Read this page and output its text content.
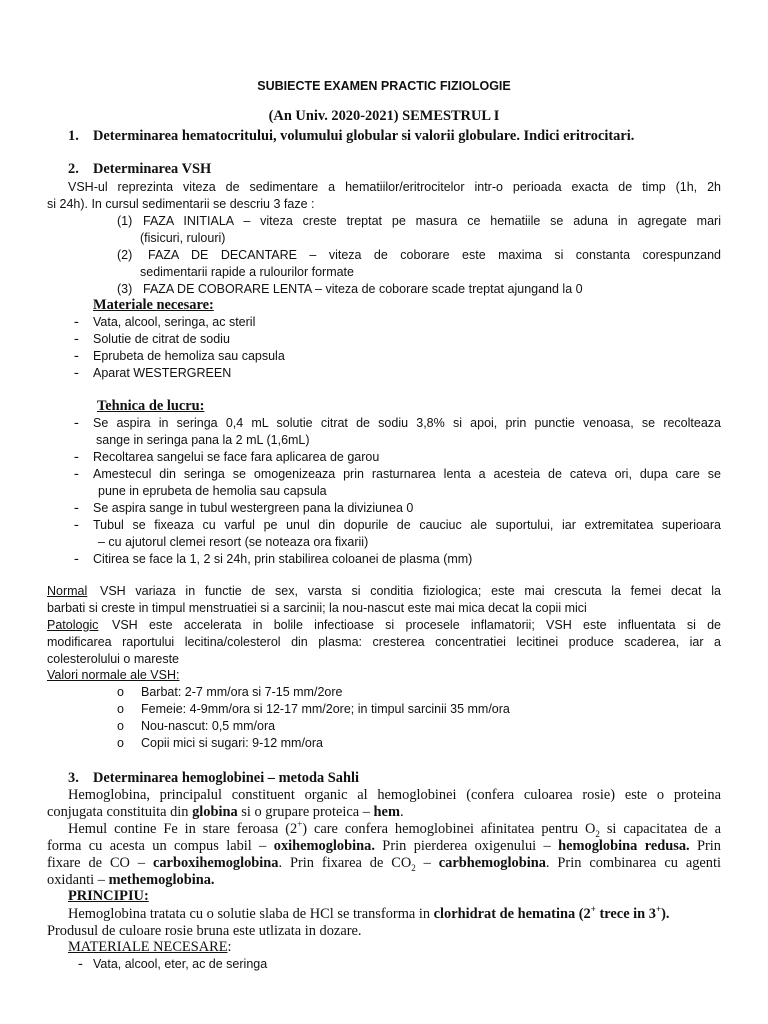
SUBIECTE EXAMEN PRACTIC FIZIOLOGIE
(An Univ. 2020-2021) SEMESTRUL I
1. Determinarea hematocritului, volumului globular si valorii globulare. Indici eritrocitari.
2. Determinarea VSH
VSH-ul reprezinta viteza de sedimentare a hematiilor/eritrocitelor intr-o perioada exacta de timp (1h, 2h
si 24h). In cursul sedimentarii se descriu 3 faze :
(1) FAZA INITIALA – viteza creste treptat pe masura ce hematiile se aduna in agregate mari
(fisicuri, rulouri)
(2) FAZA DE DECANTARE – viteza de coborare este maxima si constanta corespunzand
sedimentarii rapide a rulourilor formate
(3) FAZA DE COBORARE LENTA – viteza de coborare scade treptat ajungand la 0
Materiale necesare:
- Vata, alcool, seringa, ac steril
- Solutie de citrat de sodiu
- Eprubeta de hemoliza sau capsula
- Aparat WESTERGREEN
Tehnica de lucru:
- Se aspira in seringa 0,4 mL solutie citrat de sodiu 3,8% si apoi, prin punctie venoasa, se recolteaza
sange in seringa pana la 2 mL (1,6mL)
- Recoltarea sangelui se face fara aplicarea de garou
- Amestecul din seringa se omogenizeaza prin rasturnarea lenta a acesteia de cateva ori, dupa care se
pune in eprubeta de hemolia sau capsula
- Se aspira sange in tubul westergreen pana la diviziunea 0
- Tubul se fixeaza cu varful pe unul din dopurile de cauciuc ale suportului, iar extremitatea superioara
– cu ajutorul clemei resort (se noteaza ora fixarii)
- Citirea se face la 1, 2 si 24h, prin stabilirea coloanei de plasma (mm)
Normal VSH variaza in functie de sex, varsta si conditia fiziologica; este mai crescuta la femei decat la
barbati si creste in timpul menstruatiei si a sarcinii; la nou-nascut este mai mica decat la copii mici
Patologic VSH este accelerata in bolile infectioase si procesele inflamatorii; VSH este influentata si de
modificarea raportului lecitina/colesterol din plasma: cresterea concentratiei lecitinei produce scaderea, iar a
colesterolului o mareste
Valori normale ale VSH:
o Barbat: 2-7 mm/ora si 7-15 mm/2ore
o Femeie: 4-9mm/ora si 12-17 mm/2ore; in timpul sarcinii 35 mm/ora
o Nou-nascut: 0,5 mm/ora
o Copii mici si sugari: 9-12 mm/ora
3. Determinarea hemoglobinei – metoda Sahli
Hemoglobina, principalul constituent organic al hemoglobinei (confera culoarea rosie) este o proteina
conjugata constituita din globina si o grupare proteica – hem.
Hemul contine Fe in stare feroasa (2+) care confera hemoglobinei afinitatea pentru $O_2$ si capacitatea de a
forma cu acesta un compus labil – oxihemoglobina. Prin pierderea oxigenului – hemoglobina redusa. Prin
fixare de CO – carboxihemoglobina. Prin fixarea de $CO_2$ – carbhemoglobina. Prin combinarea cu agenti
oxidanti – methemoglobina.
PRINCIPIU:
Hemoglobina tratata cu o solutie slaba de HCl se transforma in clorhidrat de hematina (2+ trece in 3+).
Produsul de culoare rosie bruna este utlizata in dozare.
MATERIALE NECESARE:
- Vata, alcool, eter, ac de seringa
